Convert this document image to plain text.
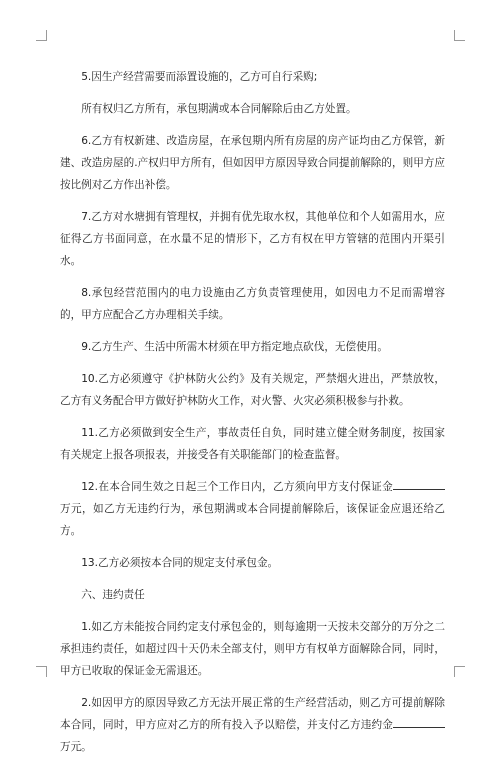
5.因生产经营需要而添置设施的，乙方可自行采购;

所有权归乙方所有，承包期满或本合同解除后由乙方处置。

6.乙方有权新建、改造房屋，在承包期内所有房屋的房产证均由乙方保管，新建、改造房屋的.产权归甲方所有，但如因甲方原因导致合同提前解除的，则甲方应按比例对乙方作出补偿。

7.乙方对水塘拥有管理权，并拥有优先取水权，其他单位和个人如需用水，应征得乙方书面同意，在水量不足的情形下，乙方有权在甲方管辖的范围内开渠引水。

8.承包经营范围内的电力设施由乙方负责管理使用，如因电力不足而需增容的，甲方应配合乙方办理相关手续。

9.乙方生产、生活中所需木材须在甲方指定地点砍伐，无偿使用。

10.乙方必须遵守《护林防火公约》及有关规定，严禁烟火进出，严禁放牧，乙方有义务配合甲方做好护林防火工作，对火警、火灾必须积极参与扑救。

11.乙方必须做到安全生产，事故责任自负，同时建立健全财务制度，按国家有关规定上报各项报表，并接受各有关职能部门的检查监督。

12.在本合同生效之日起三个工作日内，乙方须向甲方支付保证金万元，如乙方无违约行为，承包期满或本合同提前解除后，该保证金应退还给乙方。

13.乙方必须按本合同的规定支付承包金。

六、违约责任

1.如乙方未能按合同约定支付承包金的，则每逾期一天按未交部分的万分之二承担违约责任，如超过四十天仍未全部支付，则甲方有权单方面解除合同，同时，甲方已收取的保证金无需退还。

2.如因甲方的原因导致乙方无法开展正常的生产经营活动，则乙方可提前解除本合同，同时，甲方应对乙方的所有投入予以赔偿，并支付乙方违约金万元。
